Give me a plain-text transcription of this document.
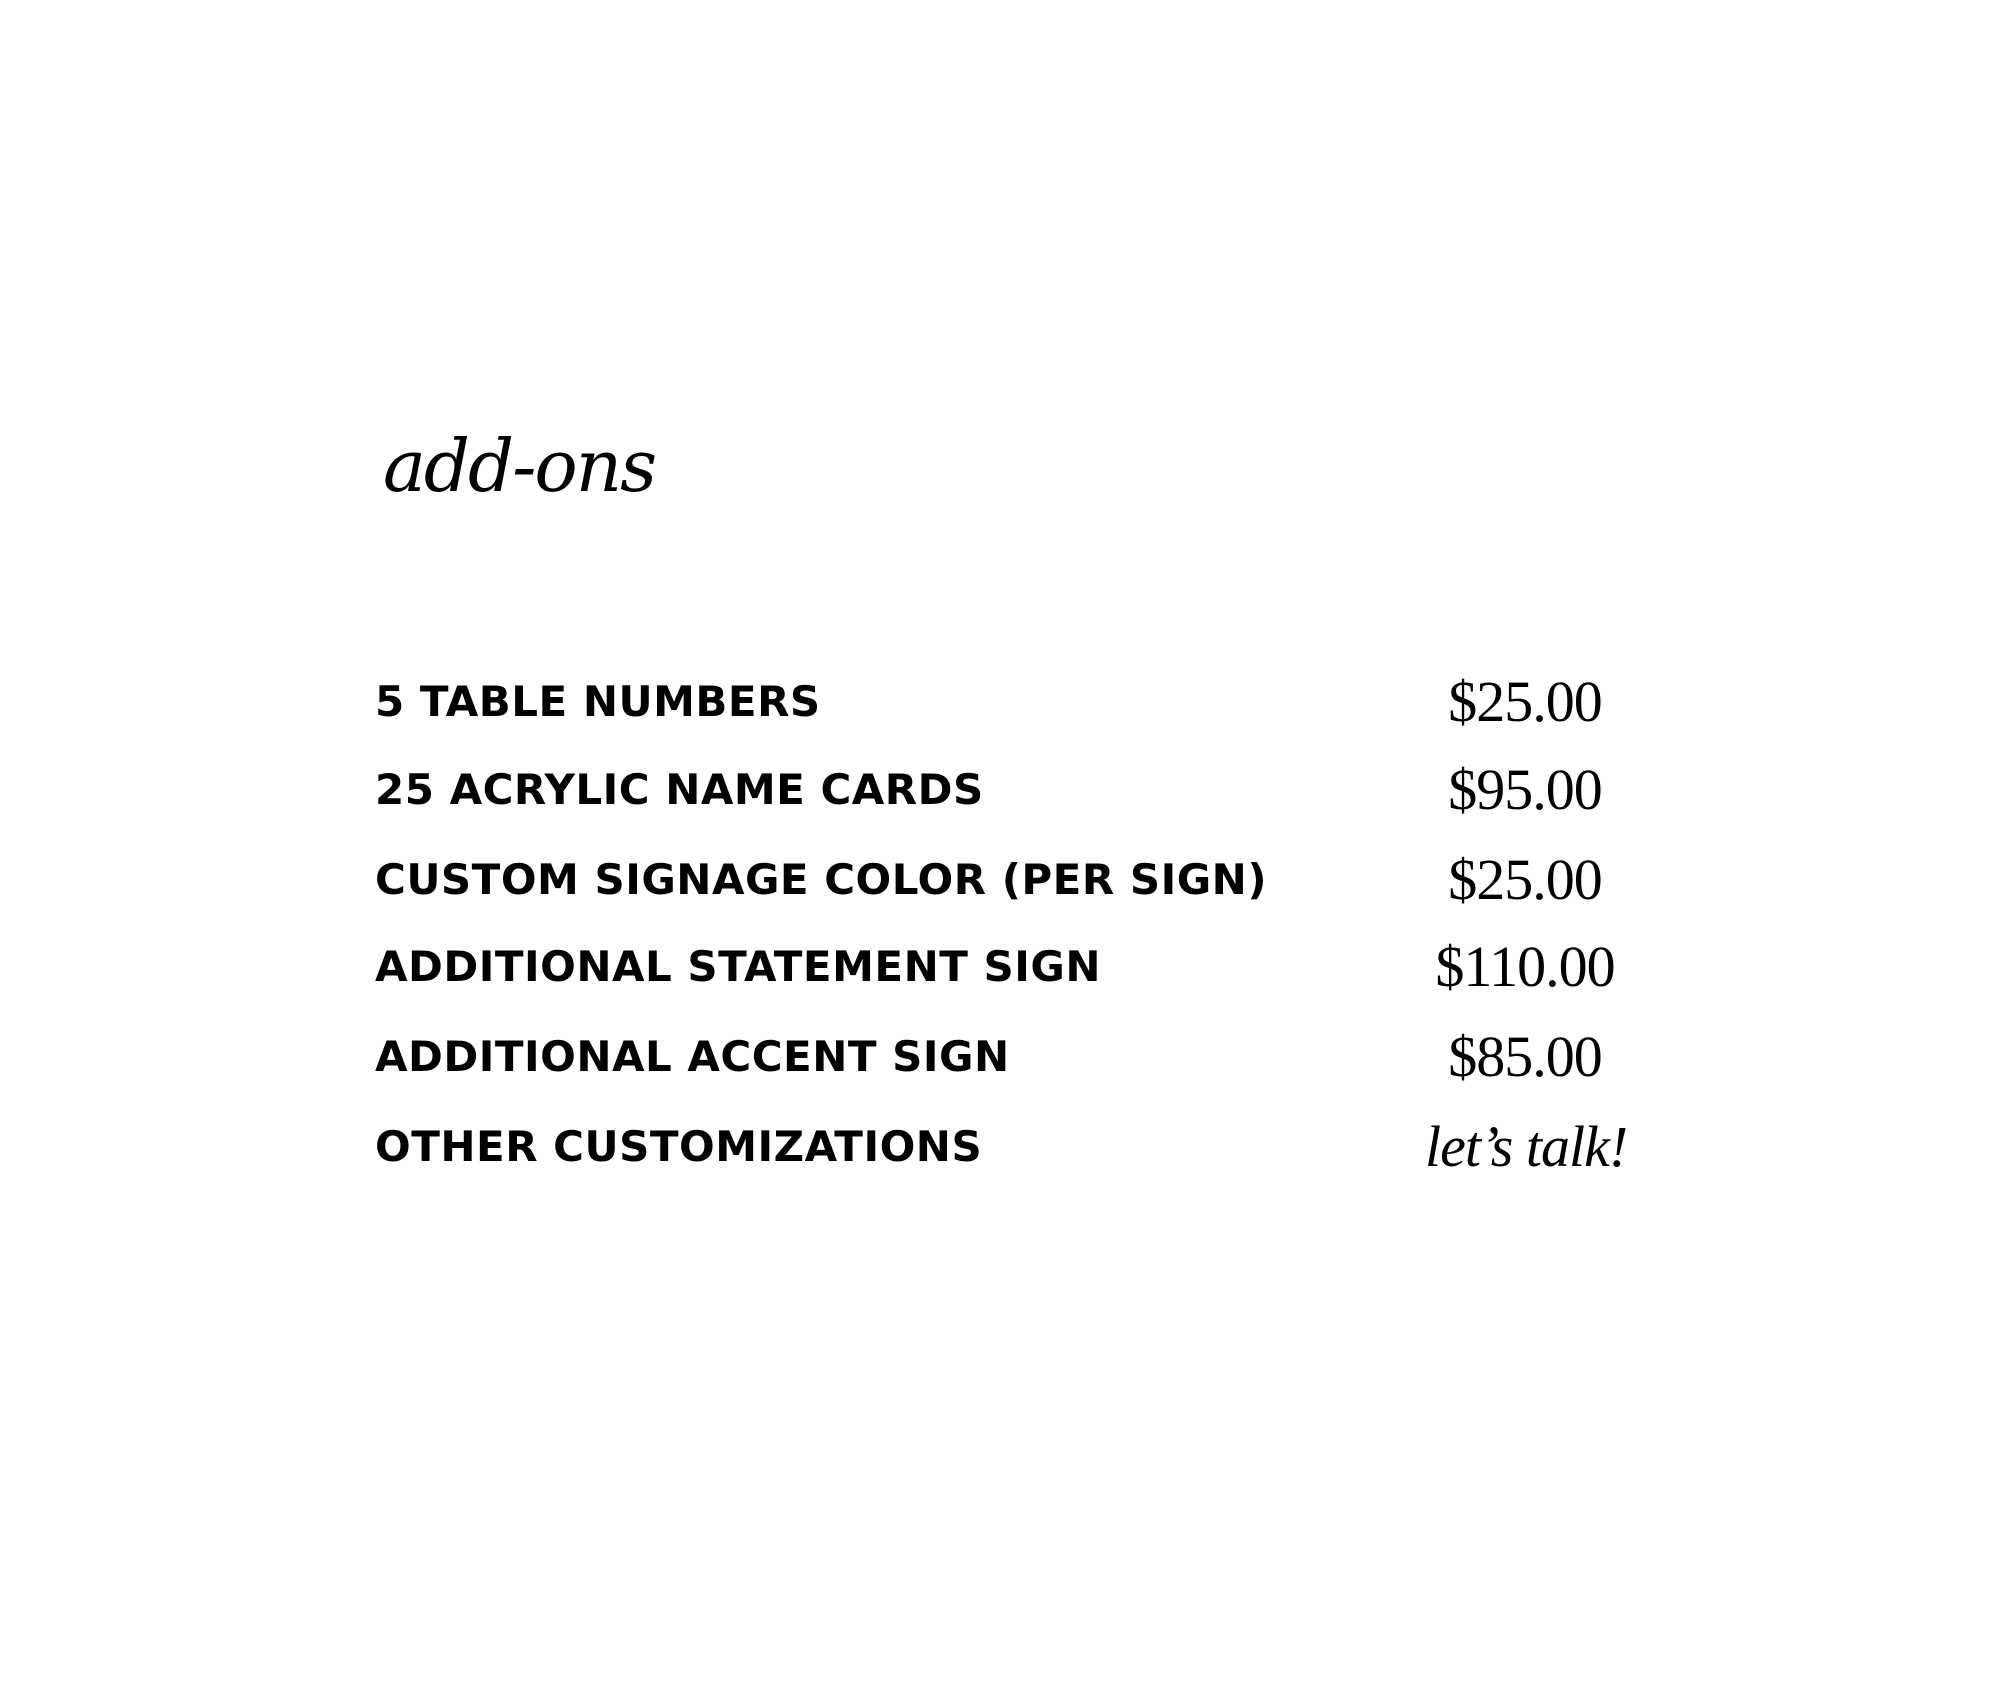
add-ons
5 TABLE NUMBERS	$25.00
25 ACRYLIC NAME CARDS	$95.00
CUSTOM SIGNAGE COLOR (PER SIGN)	$25.00
ADDITIONAL STATEMENT SIGN	$110.00
ADDITIONAL ACCENT SIGN	$85.00
OTHER CUSTOMIZATIONS	let’s talk!
